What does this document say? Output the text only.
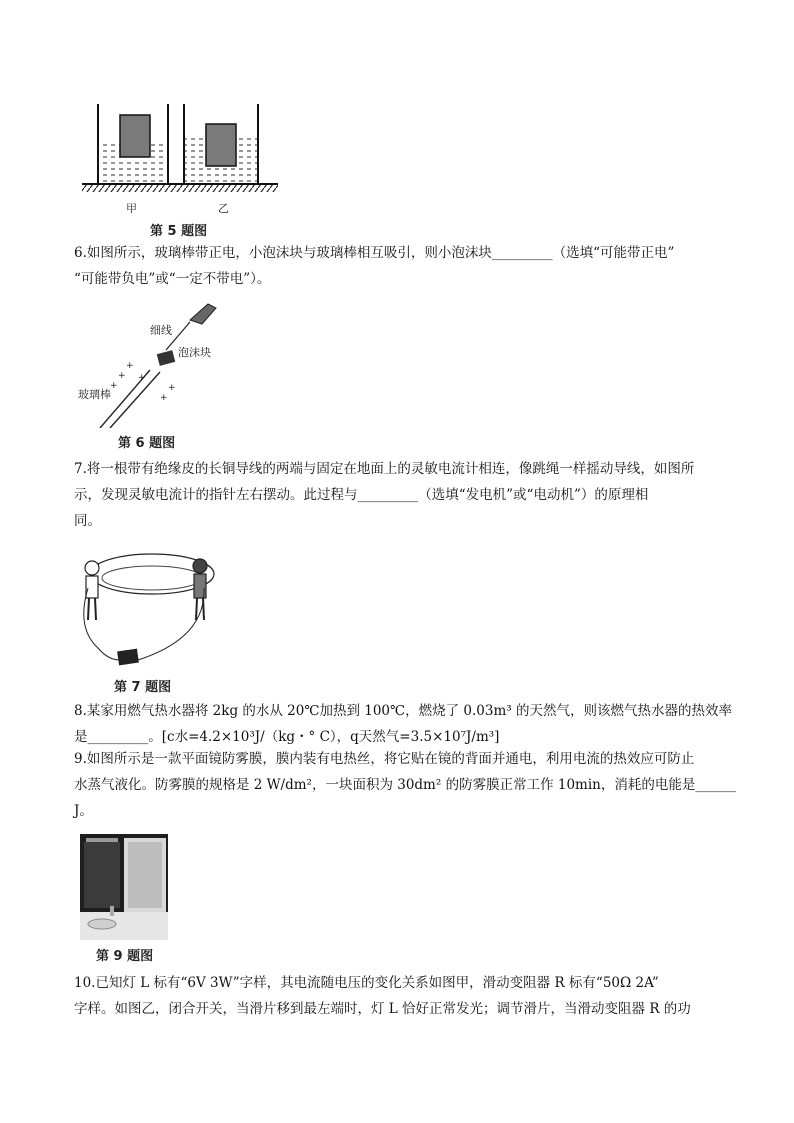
甲	乙
第 5 题图
6.如图所示，玻璃棒带正电，小泡沫块与玻璃棒相互吸引，则小泡沫块_________（选填“可能带正电”
“可能带负电”或“一定不带电”）。
+
+
+
+
+
+
细线
泡沫块
玻璃棒
第 6 题图
7.将一根带有绝缘皮的长铜导线的两端与固定在地面上的灵敏电流计相连，像跳绳一样摇动导线，如图所
示，发现灵敏电流计的指针左右摆动。此过程与_________（选填“发电机”或“电动机”）的原理相
同。
第 7 题图
8.某家用燃气热水器将 2kg 的水从 20℃加热到 100℃，燃烧了 0.03m³ 的天然气，则该燃气热水器的热效率
是_________。[c水=4.2×10³J/（kg・° C），q天然气=3.5×10⁷J/m³]
9.如图所示是一款平面镜防雾膜，膜内装有电热丝，将它贴在镜的背面并通电，利用电流的热效应可防止
水蒸气液化。防雾膜的规格是 2 W/dm²，一块面积为 30dm² 的防雾膜正常工作 10min，消耗的电能是______
J。
第 9 题图
10.已知灯 L 标有“6V 3W”字样，其电流随电压的变化关系如图甲，滑动变阻器 R 标有“50Ω 2A”
字样。如图乙，闭合开关，当滑片移到最左端时，灯 L 恰好正常发光；调节滑片，当滑动变阻器 R 的功
